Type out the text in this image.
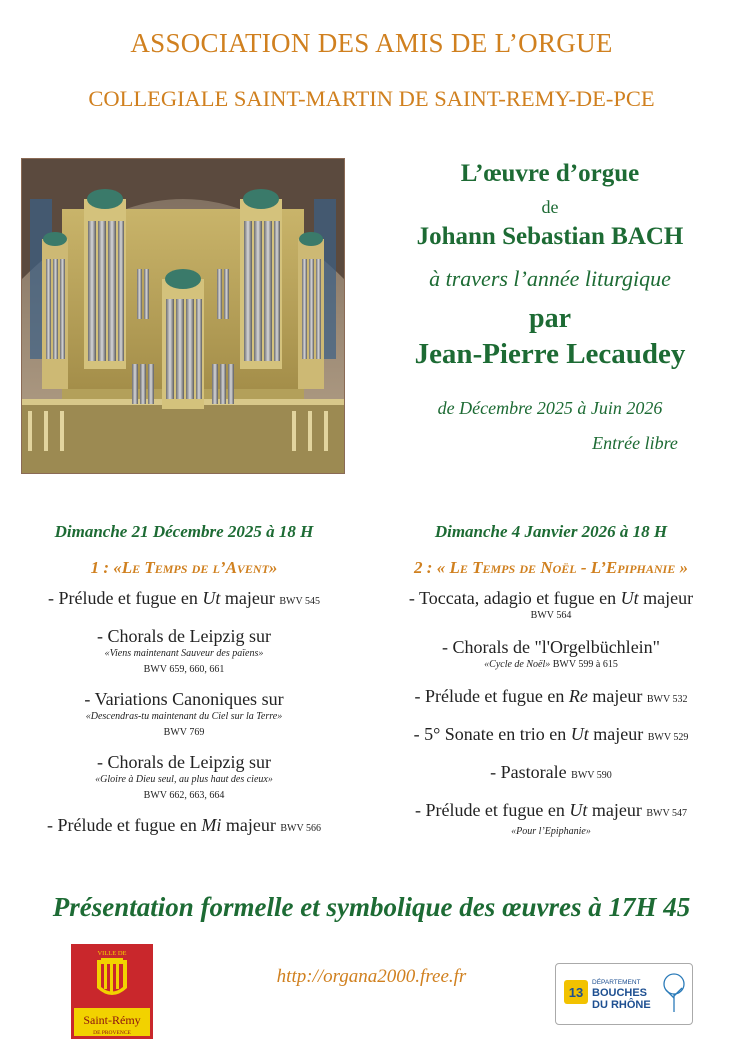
ASSOCIATION DES AMIS DE L’ORGUE
COLLEGIALE SAINT-MARTIN DE SAINT-REMY-DE-PCE
L’œuvre d’orgue
de
Johann Sebastian BACH
à travers l’année liturgique
par
Jean-Pierre Lecaudey
de Décembre 2025 à Juin 2026
Entrée libre
Dimanche 21 Décembre 2025 à 18 H
1 : «Le Temps de l’Avent»
- Prélude et fugue en Ut majeur BWV 545
- Chorals de Leipzig sur
«Viens maintenant Sauveur des païens»
BWV 659, 660, 661
- Variations Canoniques sur
«Descendras-tu maintenant du Ciel sur la Terre»
BWV 769
- Chorals de Leipzig sur
«Gloire à Dieu seul, au plus haut des cieux»
BWV 662, 663, 664
- Prélude et fugue en Mi majeur BWV 566
Dimanche 4 Janvier 2026 à 18 H
2 : « Le Temps de Noël - L’Epiphanie »
- Toccata, adagio et fugue en Ut majeur
BWV 564
- Chorals de "l'Orgelbüchlein"
«Cycle de Noël» BWV 599 à 615
- Prélude et fugue en Re majeur BWV 532
- 5° Sonate en trio en Ut majeur BWV 529
- Pastorale BWV 590
- Prélude et fugue en Ut majeur BWV 547
«Pour l’Epiphanie»
Présentation formelle et symbolique des œuvres à 17H 45
VILLE DE
Saint-Rémy
DE PROVENCE
http://organa2000.free.fr
13
DÉPARTEMENT
BOUCHES
DU RHÔNE
